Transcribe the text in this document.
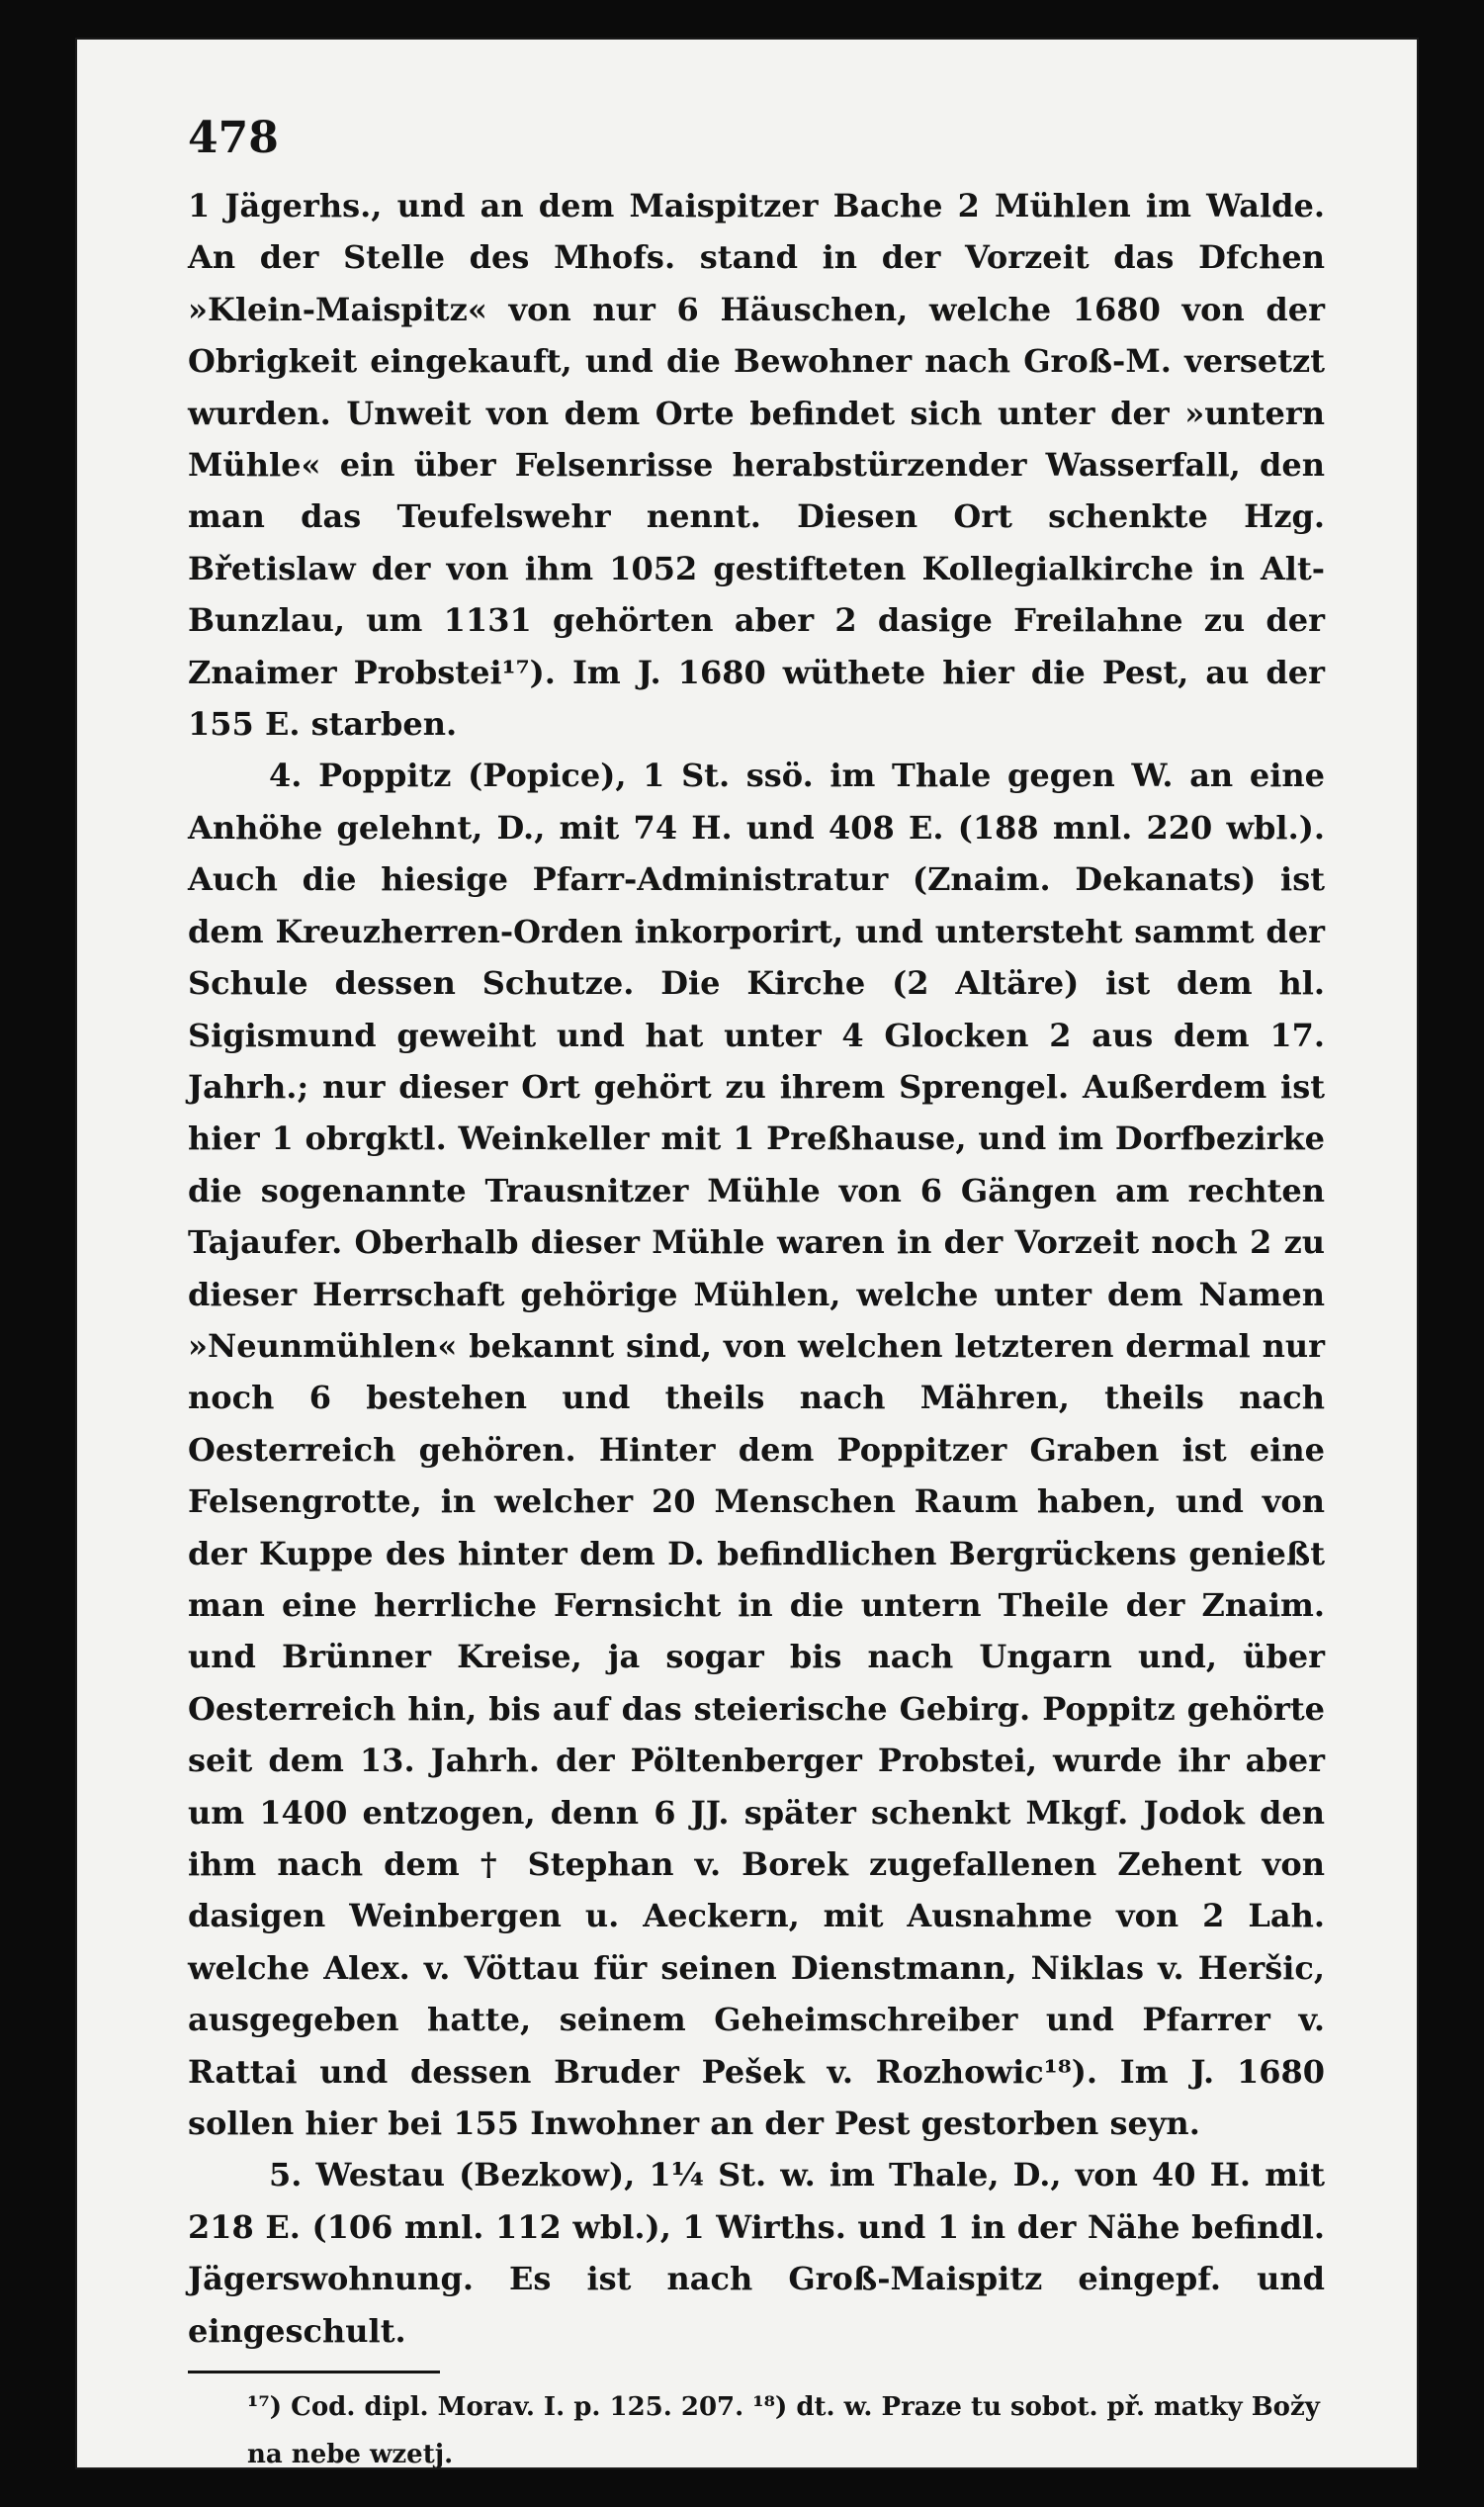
478

1 Jägerhs., und an dem Maispitzer Bache 2 Mühlen im Walde. An der Stelle des Mhofs. stand in der Vorzeit das Dfchen »Klein-Maispitz« von nur 6 Häuschen, welche 1680 von der Obrigkeit eingekauft, und die Bewohner nach Groß-M. versetzt wurden. Unweit von dem Orte befindet sich unter der »untern Mühle« ein über Felsenrisse herabstürzender Wasserfall, den man das Teufelswehr nennt. Diesen Ort schenkte Hzg. Břetislaw der von ihm 1052 gestifteten Kollegialkirche in Alt-Bunzlau, um 1131 gehörten aber 2 dasige Freilahne zu der Znaimer Probstei¹⁷). Im J. 1680 wüthete hier die Pest, au der 155 E. starben.

4. Poppitz (Popice), 1 St. ssö. im Thale gegen W. an eine Anhöhe gelehnt, D., mit 74 H. und 408 E. (188 mnl. 220 wbl.). Auch die hiesige Pfarr-Administratur (Znaim. Dekanats) ist dem Kreuzherren-Orden inkorporirt, und untersteht sammt der Schule dessen Schutze. Die Kirche (2 Altäre) ist dem hl. Sigismund geweiht und hat unter 4 Glocken 2 aus dem 17. Jahrh.; nur dieser Ort gehört zu ihrem Sprengel. Außerdem ist hier 1 obrgktl. Weinkeller mit 1 Preßhause, und im Dorfbezirke die sogenannte Trausnitzer Mühle von 6 Gängen am rechten Tajaufer. Oberhalb dieser Mühle waren in der Vorzeit noch 2 zu dieser Herrschaft gehörige Mühlen, welche unter dem Namen »Neunmühlen« bekannt sind, von welchen letzteren dermal nur noch 6 bestehen und theils nach Mähren, theils nach Oesterreich gehören. Hinter dem Poppitzer Graben ist eine Felsengrotte, in welcher 20 Menschen Raum haben, und von der Kuppe des hinter dem D. befindlichen Bergrückens genießt man eine herrliche Fernsicht in die untern Theile der Znaim. und Brünner Kreise, ja sogar bis nach Ungarn und, über Oesterreich hin, bis auf das steierische Gebirg. Poppitz gehörte seit dem 13. Jahrh. der Pöltenberger Probstei, wurde ihr aber um 1400 entzogen, denn 6 JJ. später schenkt Mkgf. Jodok den ihm nach dem † Stephan v. Borek zugefallenen Zehent von dasigen Weinbergen u. Aeckern, mit Ausnahme von 2 Lah. welche Alex. v. Vöttau für seinen Dienstmann, Niklas v. Heršic, ausgegeben hatte, seinem Geheimschreiber und Pfarrer v. Rattai und dessen Bruder Pešek v. Rozhowic¹⁸). Im J. 1680 sollen hier bei 155 Inwohner an der Pest gestorben seyn.

5. Westau (Bezkow), 1¼ St. w. im Thale, D., von 40 H. mit 218 E. (106 mnl. 112 wbl.), 1 Wirths. und 1 in der Nähe befindl. Jägerswohnung. Es ist nach Groß-Maispitz eingepf. und eingeschult.

¹⁷) Cod. dipl. Morav. I. p. 125. 207. ¹⁸) dt. w. Praze tu sobot. př. matky Božy na nebe wzetj.
